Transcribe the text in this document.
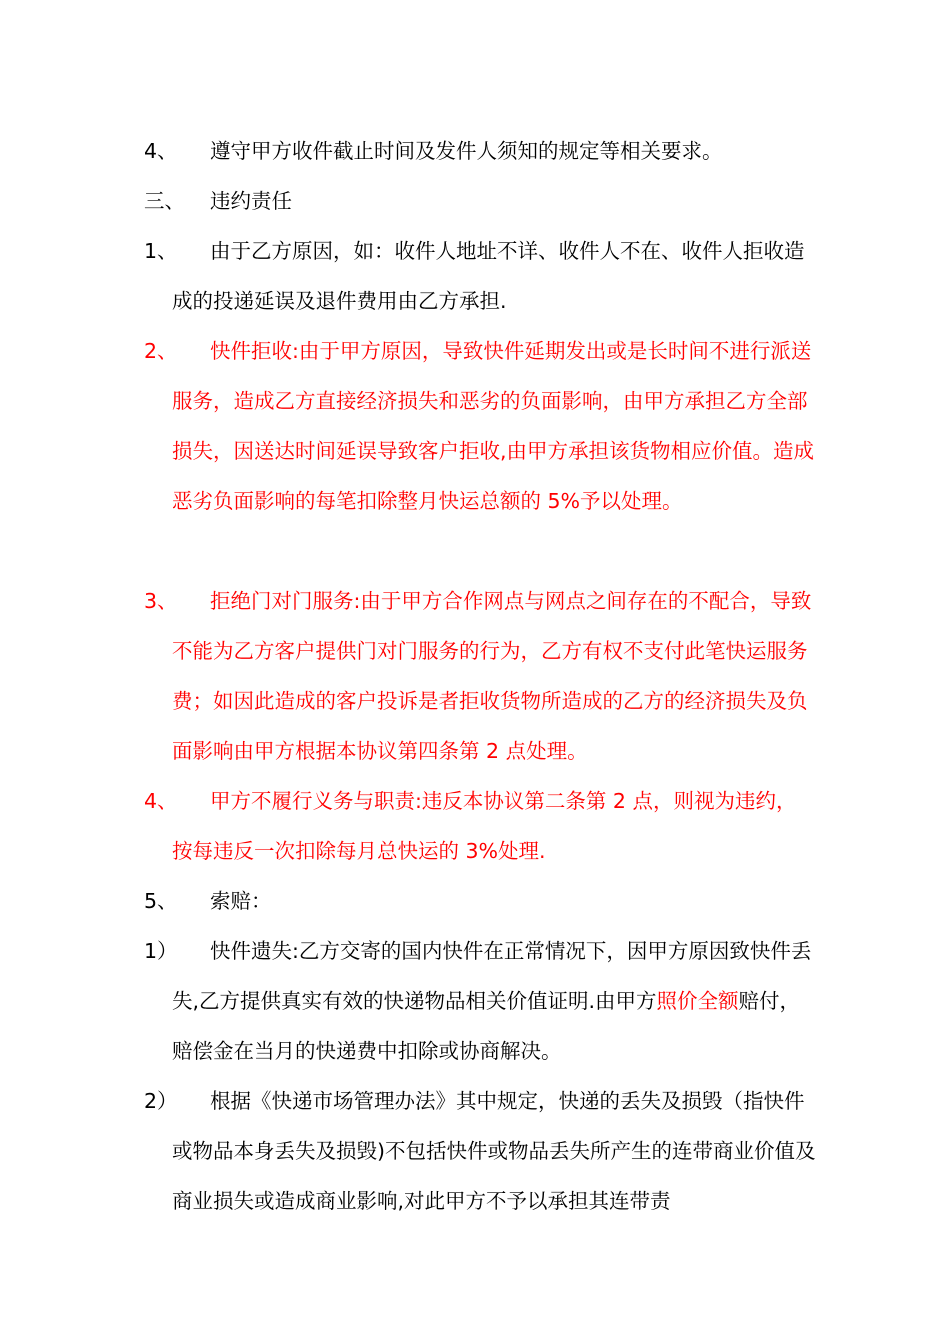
4、	遵守甲方收件截止时间及发件人须知的规定等相关要求。
三、	违约责任
1、	由于乙方原因，如：收件人地址不详、收件人不在、收件人拒收造成的投递延误及退件费用由乙方承担.
2、	快件拒收:由于甲方原因，导致快件延期发出或是长时间不进行派送服务，造成乙方直接经济损失和恶劣的负面影响，由甲方承担乙方全部损失，因送达时间延误导致客户拒收,由甲方承担该货物相应价值。造成恶劣负面影响的每笔扣除整月快运总额的 5%予以处理。
3、	拒绝门对门服务:由于甲方合作网点与网点之间存在的不配合，导致不能为乙方客户提供门对门服务的行为，乙方有权不支付此笔快运服务费；如因此造成的客户投诉是者拒收货物所造成的乙方的经济损失及负面影响由甲方根据本协议第四条第 2 点处理。
4、	甲方不履行义务与职责:违反本协议第二条第 2 点，则视为违约，按每违反一次扣除每月总快运的 3%处理.
5、	索赔：
1）	快件遗失:乙方交寄的国内快件在正常情况下，因甲方原因致快件丢失,乙方提供真实有效的快递物品相关价值证明.由甲方照价全额赔付，赔偿金在当月的快递费中扣除或协商解决。
2）	根据《快递市场管理办法》其中规定，快递的丢失及损毁（指快件或物品本身丢失及损毁)不包括快件或物品丢失所产生的连带商业价值及商业损失或造成商业影响,对此甲方不予以承担其连带责
